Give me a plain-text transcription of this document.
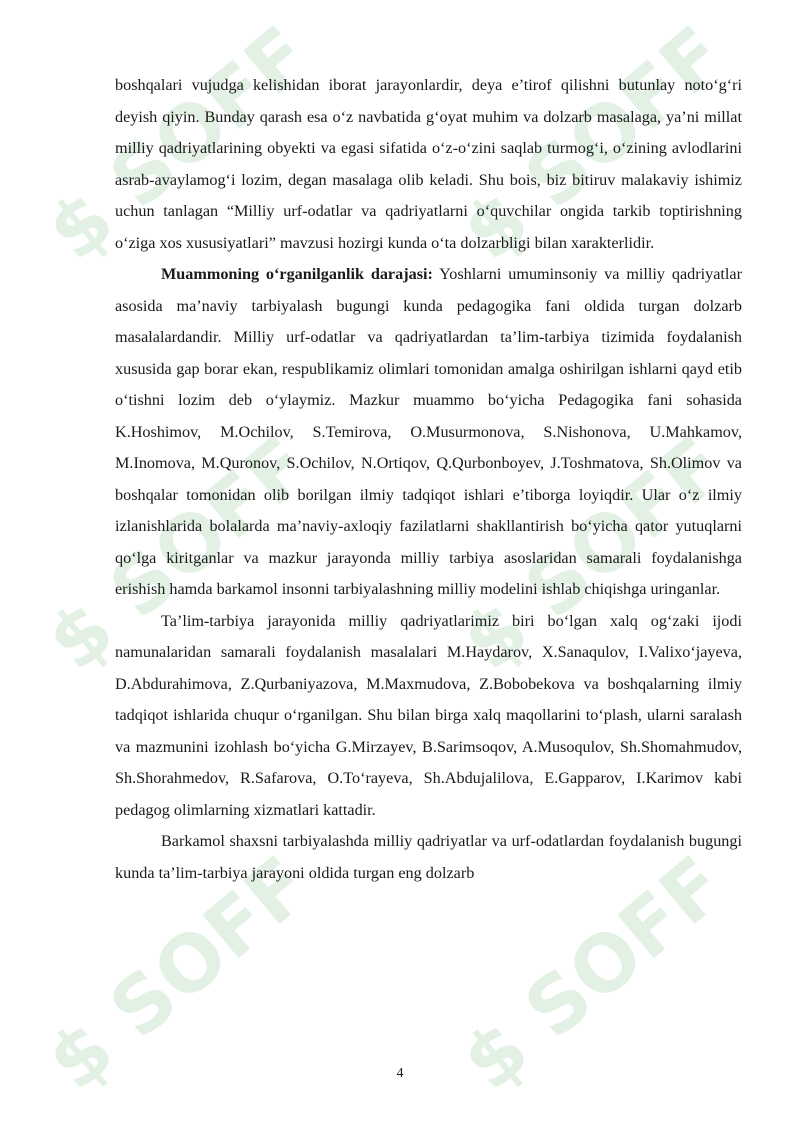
$ SOFF
$ SOFF
$ SOFF
$ SOFF
$ SOFF
$ SOFF

boshqalari vujudga kelishidan iborat jarayonlardir, deya e’tirof qilishni butunlay noto‘g‘ri deyish qiyin. Bunday qarash esa o‘z navbatida g‘oyat muhim va dolzarb masalaga, ya’ni millat milliy qadriyatlarining obyekti va egasi sifatida o‘z-o‘zini saqlab turmog‘i, o‘zining avlodlarini asrab-avaylamog‘i lozim, degan masalaga olib keladi. Shu bois, biz bitiruv malakaviy ishimiz uchun tanlagan “Milliy urf-odatlar va qadriyatlarni o‘quvchilar ongida tarkib toptirishning o‘ziga xos xususiyatlari” mavzusi hozirgi kunda o‘ta dolzarbligi bilan xarakterlidir.

Muammoning o‘rganilganlik darajasi: Yoshlarni umuminsoniy va milliy qadriyatlar asosida ma’naviy tarbiyalash bugungi kunda pedagogika fani oldida turgan dolzarb masalalardandir. Milliy urf-odatlar va qadriyatlardan ta’lim-tarbiya tizimida foydalanish xususida gap borar ekan, respublikamiz olimlari tomonidan amalga oshirilgan ishlarni qayd etib o‘tishni lozim deb o‘ylaymiz. Mazkur muammo bo‘yicha Pedagogika fani sohasida K.Hoshimov, M.Ochilov, S.Temirova, O.Musurmonova, S.Nishonova, U.Mahkamov, M.Inomova, M.Quronov, S.Ochilov, N.Ortiqov, Q.Qurbonboyev, J.Toshmatova, Sh.Olimov va boshqalar tomonidan olib borilgan ilmiy tadqiqot ishlari e’tiborga loyiqdir. Ular o‘z ilmiy izlanishlarida bolalarda ma’naviy-axloqiy fazilatlarni shakllantirish bo‘yicha qator yutuqlarni qo‘lga kiritganlar va mazkur jarayonda milliy tarbiya asoslaridan samarali foydalanishga erishish hamda barkamol insonni tarbiyalashning milliy modelini ishlab chiqishga uringanlar.

Ta’lim-tarbiya jarayonida milliy qadriyatlarimiz biri bo‘lgan xalq og‘zaki ijodi namunalaridan samarali foydalanish masalalari M.Haydarov, X.Sanaqulov, I.Valixo‘jayeva, D.Abdurahimova, Z.Qurbaniyazova, M.Maxmudova, Z.Bobobekova va boshqalarning ilmiy tadqiqot ishlarida chuqur o‘rganilgan. Shu bilan birga xalq maqollarini to‘plash, ularni saralash va mazmunini izohlash bo‘yicha G.Mirzayev, B.Sarimsoqov, A.Musoqulov, Sh.Shomahmudov, Sh.Shorahmedov, R.Safarova, O.To‘rayeva, Sh.Abdujalilova, E.Gapparov, I.Karimov kabi pedagog olimlarning xizmatlari kattadir.

Barkamol shaxsni tarbiyalashda milliy qadriyatlar va urf-odatlardan foydalanish bugungi kunda ta’lim-tarbiya jarayoni oldida turgan eng dolzarb

4
